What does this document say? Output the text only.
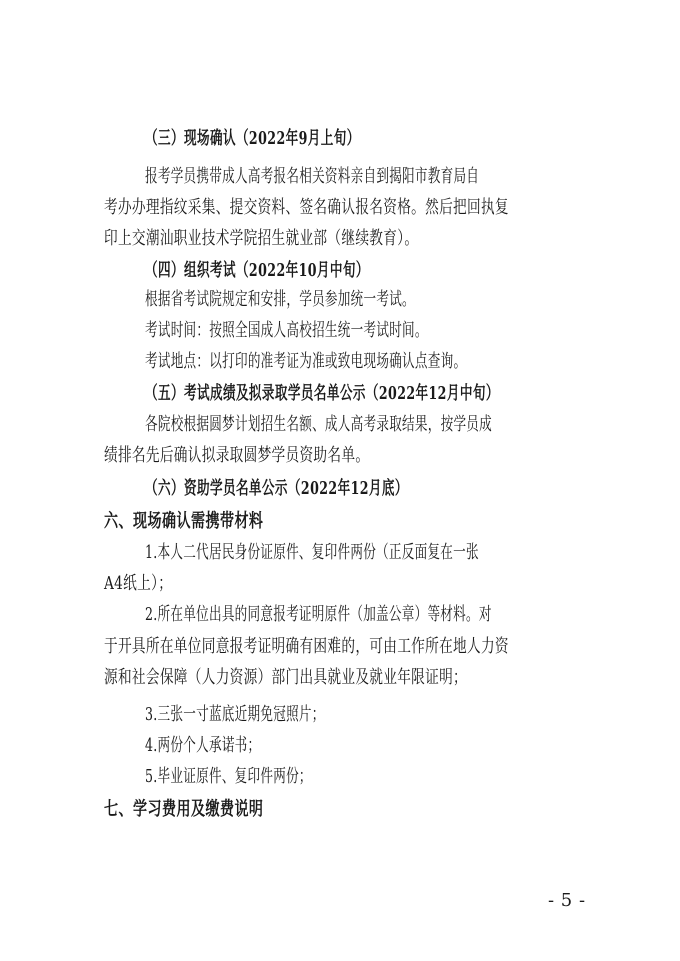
（三）现场确认（2022年9月上旬）
报考学员携带成人高考报名相关资料亲自到揭阳市教育局自
考办办理指纹采集、提交资料、签名确认报名资格。然后把回执复
印上交潮汕职业技术学院招生就业部（继续教育）。
（四）组织考试（2022年10月中旬）
根据省考试院规定和安排，学员参加统一考试。
考试时间：按照全国成人高校招生统一考试时间。
考试地点：以打印的准考证为准或致电现场确认点查询。
（五）考试成绩及拟录取学员名单公示（2022年12月中旬）
各院校根据圆梦计划招生名额、成人高考录取结果，按学员成
绩排名先后确认拟录取圆梦学员资助名单。
（六）资助学员名单公示（2022年12月底）
六、现场确认需携带材料
1.本人二代居民身份证原件、复印件两份（正反面复在一张
A4纸上）；
2.所在单位出具的同意报考证明原件（加盖公章）等材料。对
于开具所在单位同意报考证明确有困难的，可由工作所在地人力资
源和社会保障（人力资源）部门出具就业及就业年限证明；
3.三张一寸蓝底近期免冠照片；
4.两份个人承诺书；
5.毕业证原件、复印件两份；
七、学习费用及缴费说明
- 5 -
